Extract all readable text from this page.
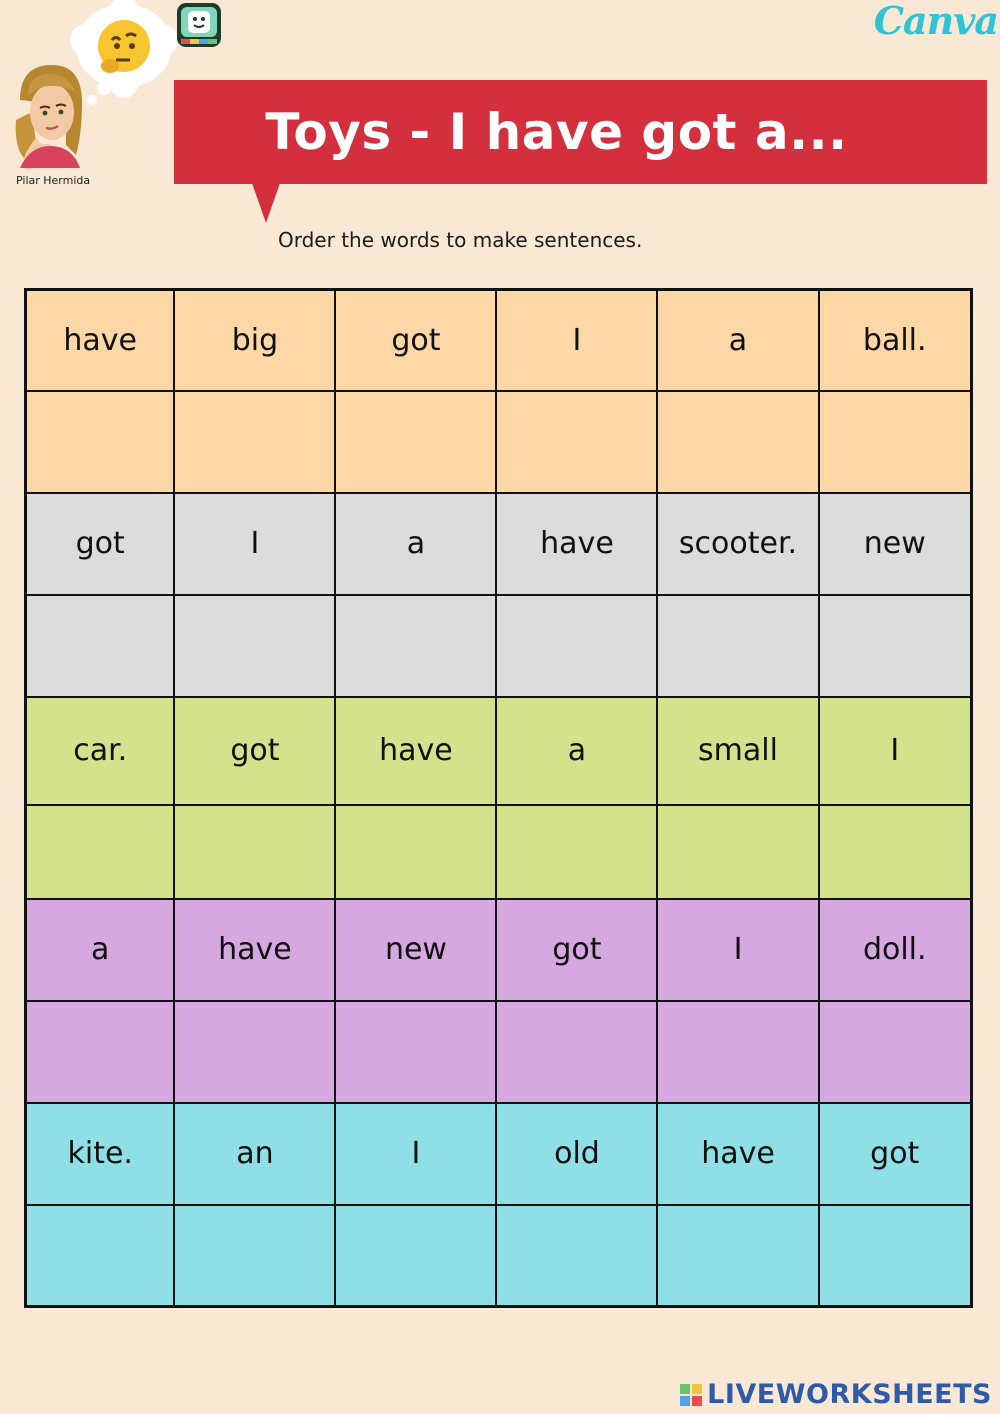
Canva
Pilar Hermida
Toys - I have got a...
Order the words to make sentences.
have	big	got	I	a	ball.

got	I	a	have	scooter.	new

car.	got	have	a	small	I

a	have	new	got	I	doll.

kite.	an	I	old	have	got

LIVEWORKSHEETS
